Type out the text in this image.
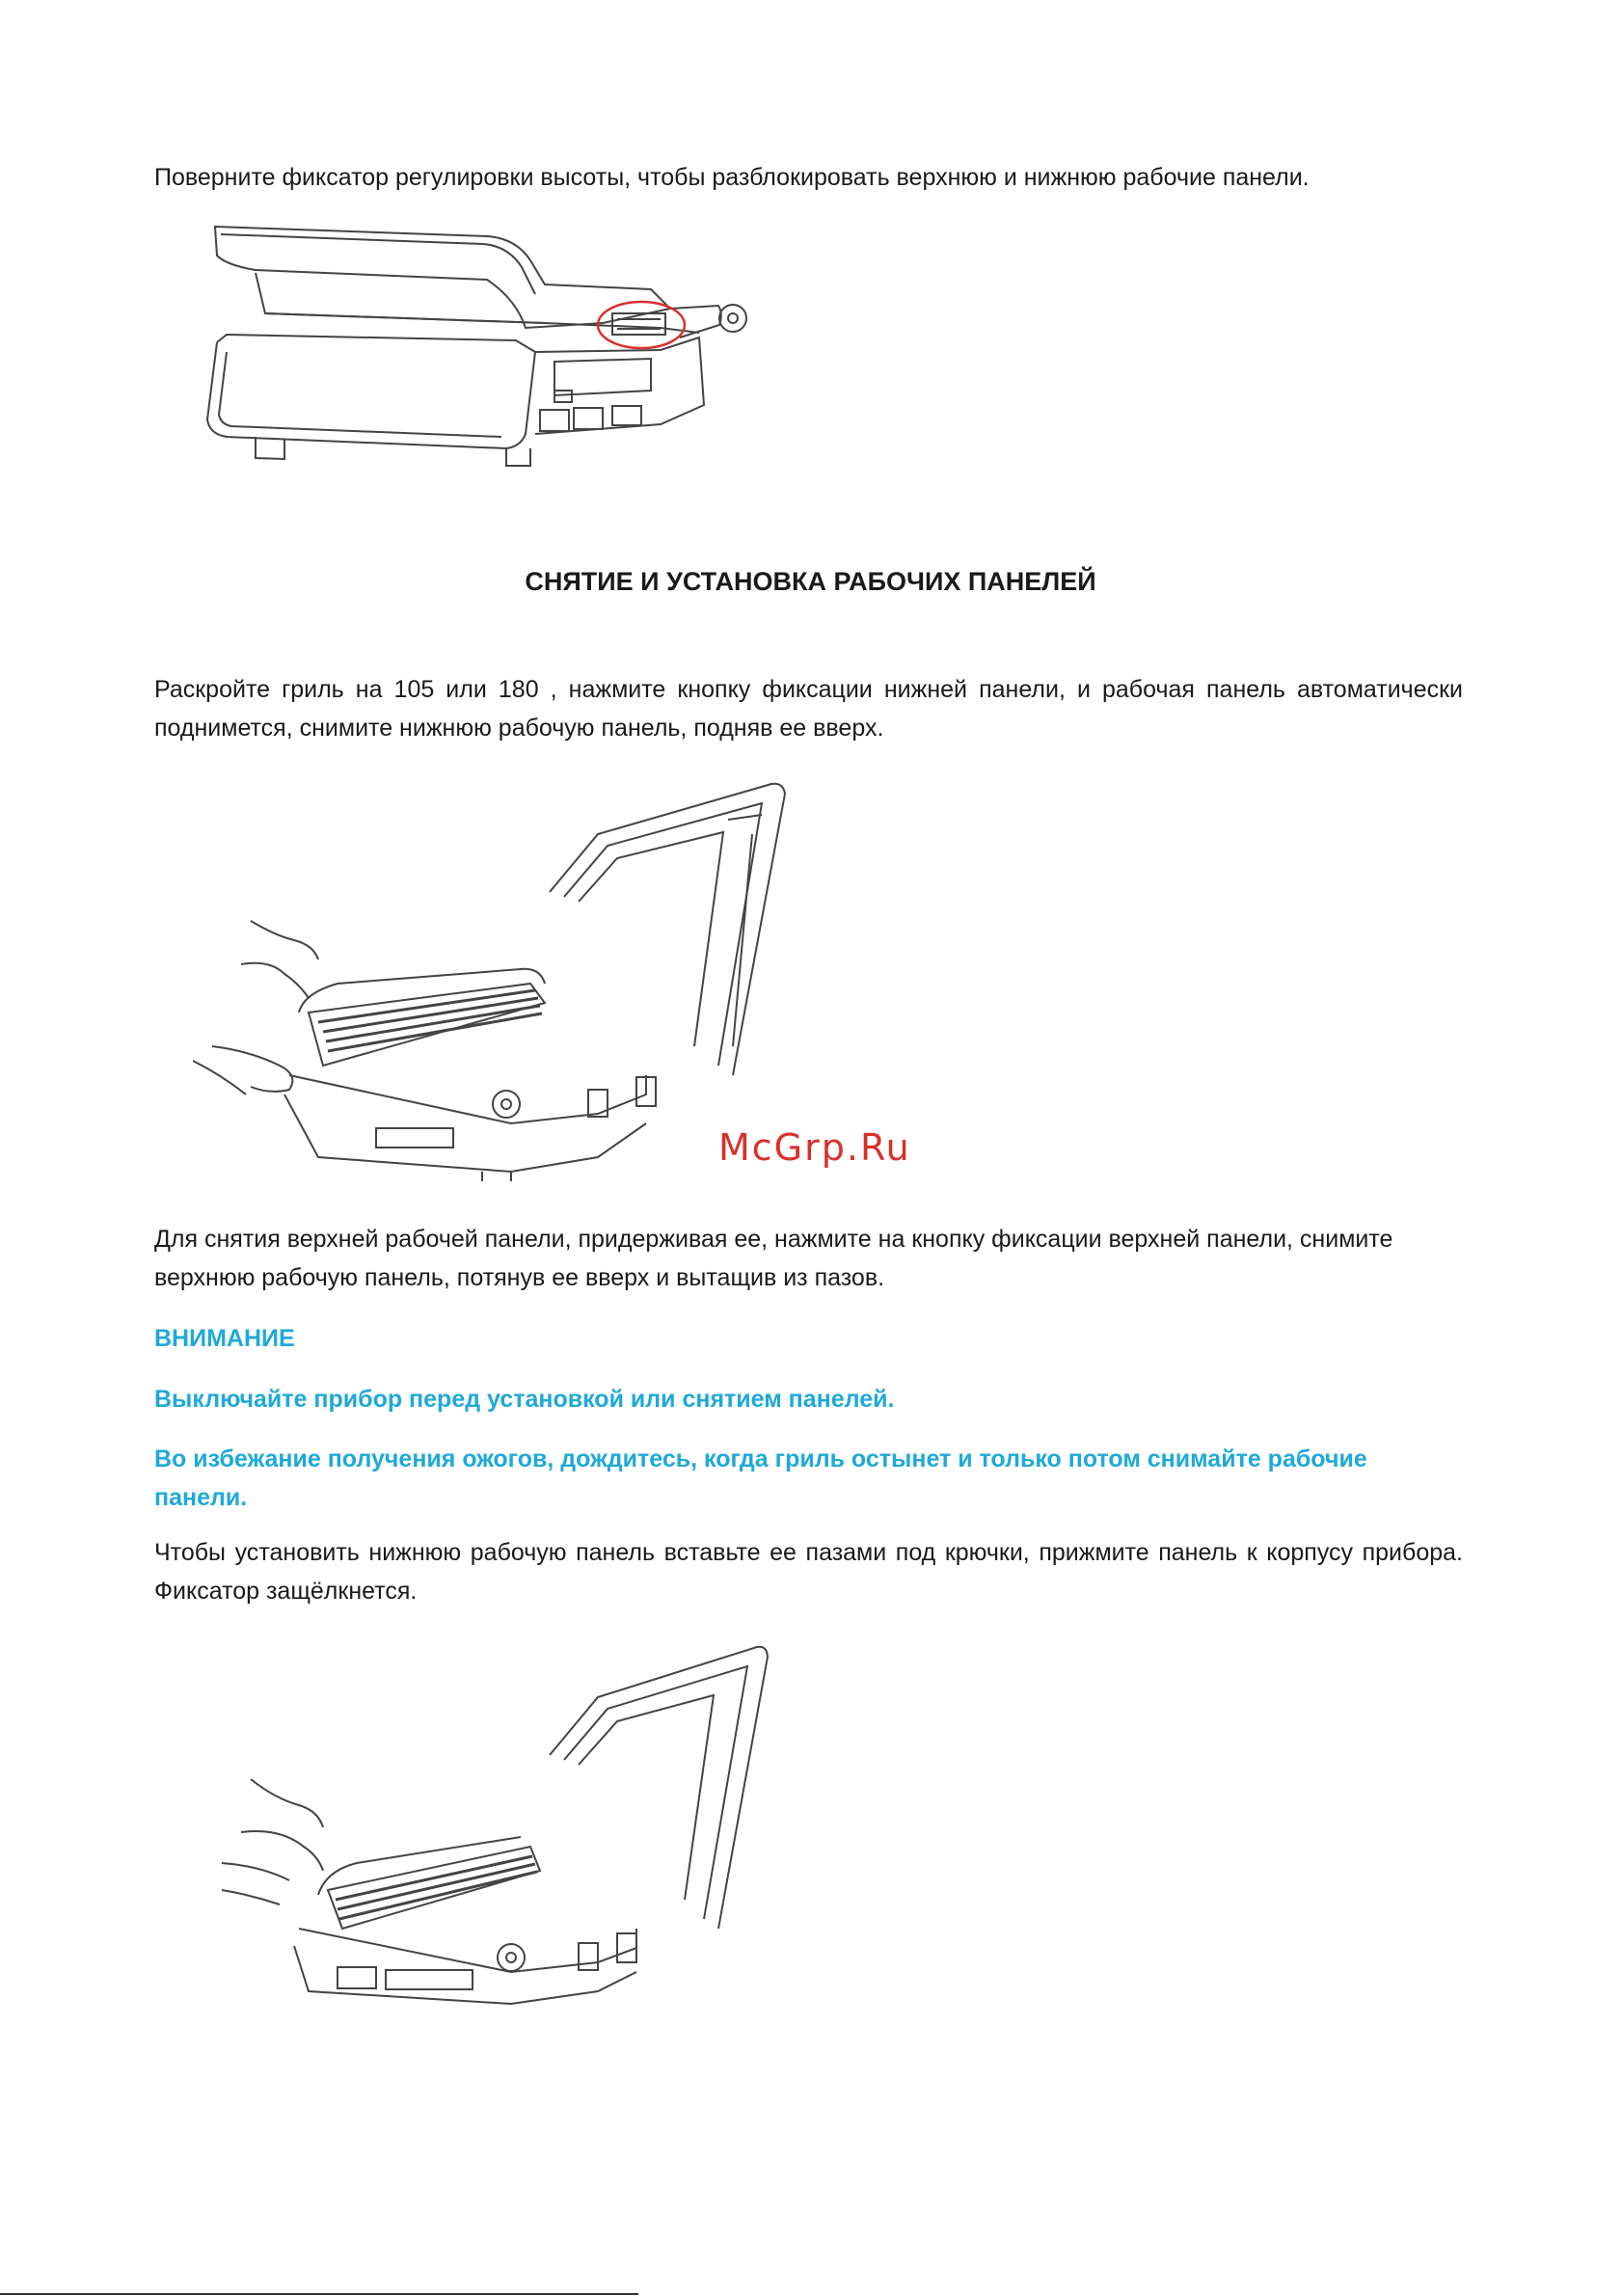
Поверните фиксатор регулировки высоты, чтобы разблокировать верхнюю и нижнюю рабочие панели.

СНЯТИЕ И УСТАНОВКА РАБОЧИХ ПАНЕЛЕЙ

Раскройте гриль на 105 или 180 , нажмите кнопку фиксации нижней панели, и рабочая панель автоматически поднимется, снимите нижнюю рабочую панель, подняв ее вверх.

McGrp.Ru

Для снятия верхней рабочей панели, придерживая ее, нажмите на кнопку фиксации верхней панели, снимите верхнюю рабочую панель, потянув ее вверх и вытащив из пазов.

ВНИМАНИЕ

Выключайте прибор перед установкой или снятием панелей.

Во избежание получения ожогов, дождитесь, когда гриль остынет и только потом снимайте рабочие панели.

Чтобы установить нижнюю рабочую панель вставьте ее пазами под крючки, прижмите панель к корпусу прибора. Фиксатор защёлкнется.
